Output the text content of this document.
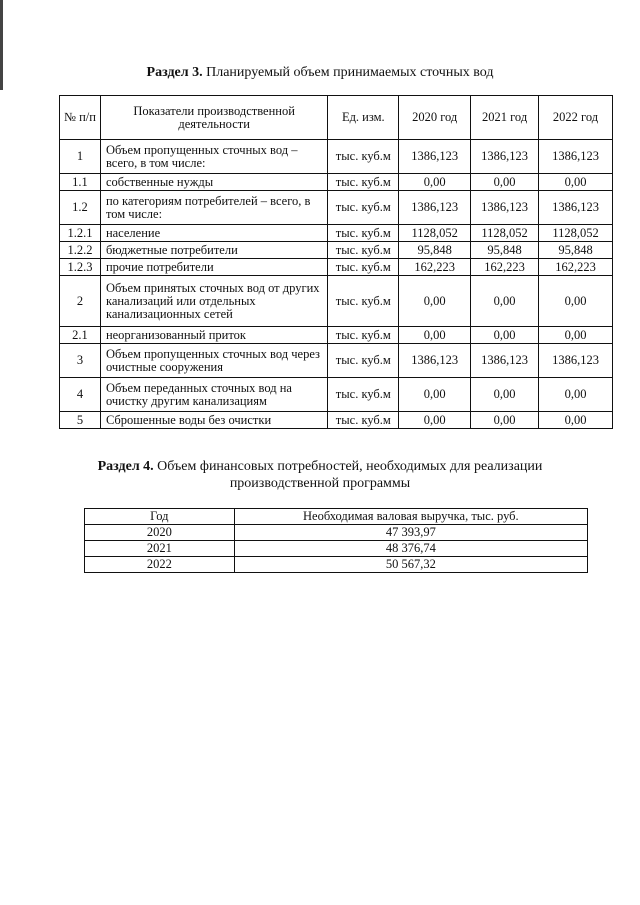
Раздел 3. Планируемый объем принимаемых сточных вод
№ п/п	Показатели производственной деятельности	Ед. изм.	2020 год	2021 год	2022 год
1	Объем пропущенных сточных вод – всего, в том числе:	тыс. куб.м	1386,123	1386,123	1386,123
1.1	собственные нужды	тыс. куб.м	0,00	0,00	0,00
1.2	по категориям потребителей – всего, в том числе:	тыс. куб.м	1386,123	1386,123	1386,123
1.2.1	население	тыс. куб.м	1128,052	1128,052	1128,052
1.2.2	бюджетные потребители	тыс. куб.м	95,848	95,848	95,848
1.2.3	прочие потребители	тыс. куб.м	162,223	162,223	162,223
2	Объем принятых сточных вод от других канализаций или отдельных канализационных сетей	тыс. куб.м	0,00	0,00	0,00
2.1	неорганизованный приток	тыс. куб.м	0,00	0,00	0,00
3	Объем пропущенных сточных вод через очистные сооружения	тыс. куб.м	1386,123	1386,123	1386,123
4	Объем переданных сточных вод на очистку другим канализациям	тыс. куб.м	0,00	0,00	0,00
5	Сброшенные воды без очистки	тыс. куб.м	0,00	0,00	0,00
Раздел 4. Объем финансовых потребностей, необходимых для реализации
производственной программы
Год	Необходимая валовая выручка, тыс. руб.
2020	47 393,97
2021	48 376,74
2022	50 567,32
